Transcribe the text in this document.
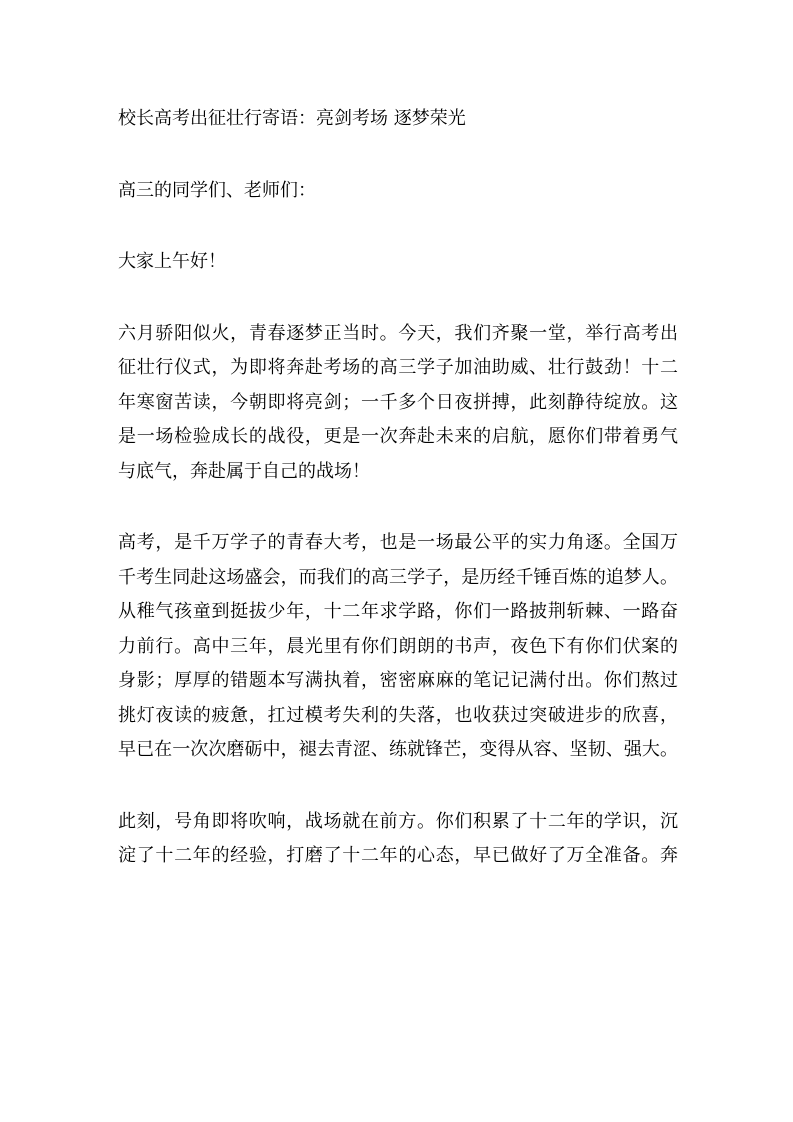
校长高考出征壮行寄语：亮剑考场 逐梦荣光
高三的同学们、老师们：
大家上午好！
六月骄阳似火，青春逐梦正当时。今天，我们齐聚一堂，举行高考出
征壮行仪式，为即将奔赴考场的高三学子加油助威、壮行鼓劲！十二
年寒窗苦读，今朝即将亮剑；一千多个日夜拼搏，此刻静待绽放。这
是一场检验成长的战役，更是一次奔赴未来的启航，愿你们带着勇气
与底气，奔赴属于自己的战场！
高考，是千万学子的青春大考，也是一场最公平的实力角逐。全国万
千考生同赴这场盛会，而我们的高三学子，是历经千锤百炼的追梦人。
从稚气孩童到挺拔少年，十二年求学路，你们一路披荆斩棘、一路奋
力前行。高中三年，晨光里有你们朗朗的书声，夜色下有你们伏案的
身影；厚厚的错题本写满执着，密密麻麻的笔记记满付出。你们熬过
挑灯夜读的疲惫，扛过模考失利的失落，也收获过突破进步的欣喜，
早已在一次次磨砺中，褪去青涩、练就锋芒，变得从容、坚韧、强大。
此刻，号角即将吹响，战场就在前方。你们积累了十二年的学识，沉
淀了十二年的经验，打磨了十二年的心态，早已做好了万全准备。奔
